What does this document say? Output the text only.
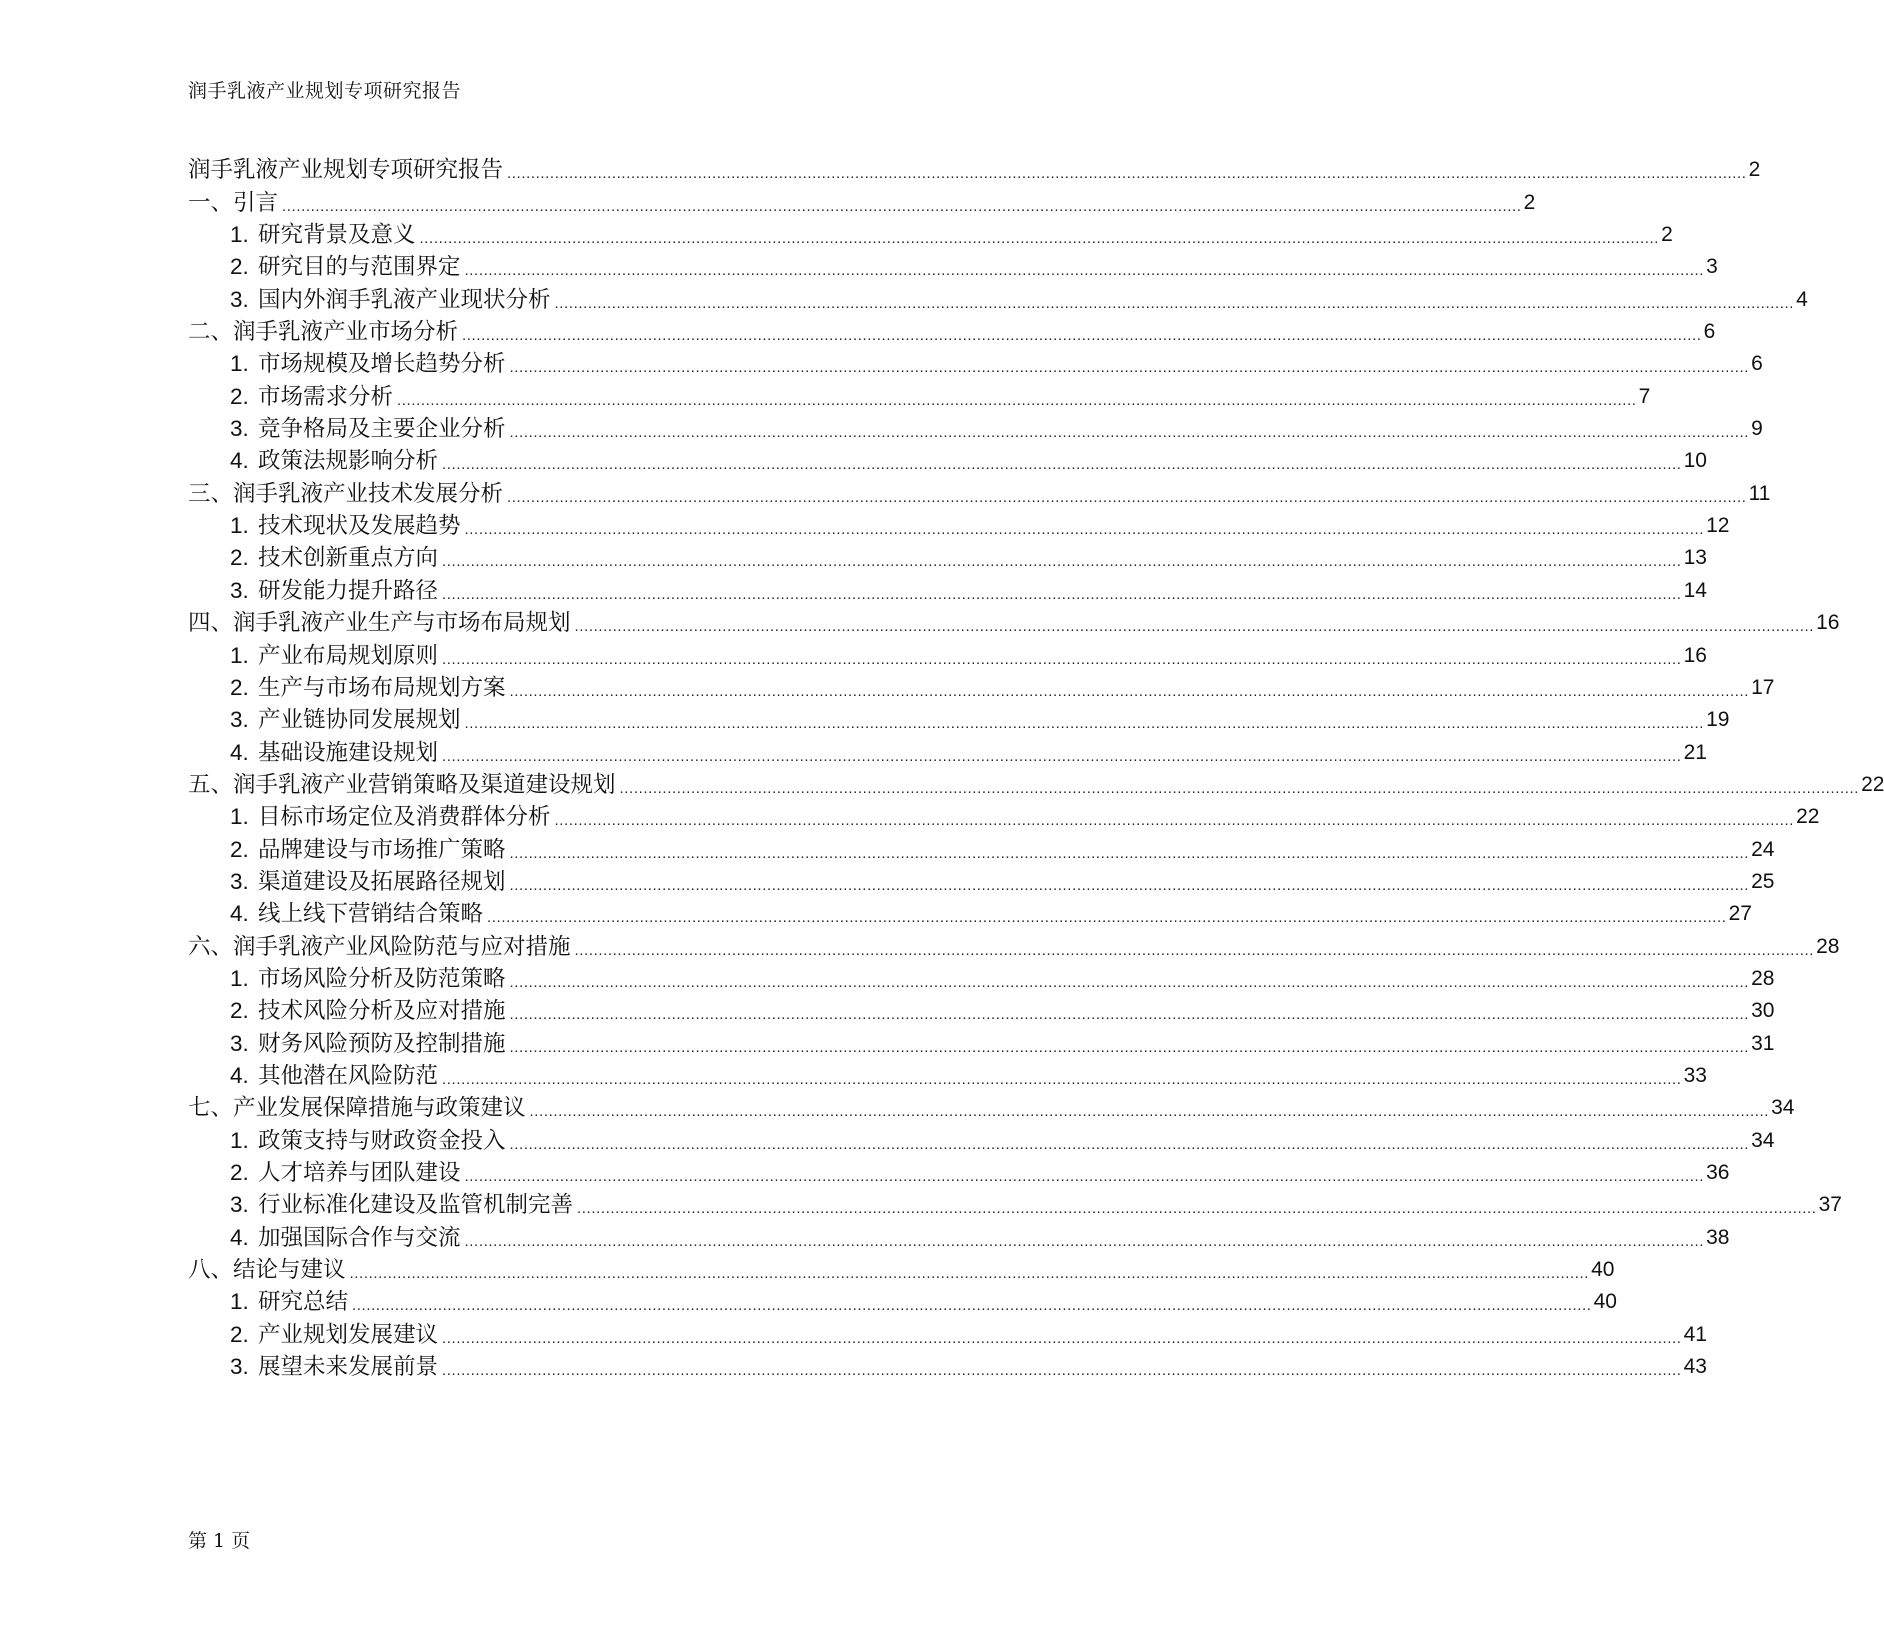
润手乳液产业规划专项研究报告
润手乳液产业规划专项研究报告 .................................................................................................................................................................................................................................................................... 2
一、引言 .................................................................................................................................................................................................................................................................... 2
1. 研究背景及意义 .................................................................................................................................................................................................................................................................... 2
2. 研究目的与范围界定 .................................................................................................................................................................................................................................................................... 3
3. 国内外润手乳液产业现状分析 .................................................................................................................................................................................................................................................................... 4
二、润手乳液产业市场分析 .................................................................................................................................................................................................................................................................... 6
1. 市场规模及增长趋势分析 .................................................................................................................................................................................................................................................................... 6
2. 市场需求分析 .................................................................................................................................................................................................................................................................... 7
3. 竞争格局及主要企业分析 .................................................................................................................................................................................................................................................................... 9
4. 政策法规影响分析 .................................................................................................................................................................................................................................................................... 10
三、润手乳液产业技术发展分析 .................................................................................................................................................................................................................................................................... 11
1. 技术现状及发展趋势 .................................................................................................................................................................................................................................................................... 12
2. 技术创新重点方向 .................................................................................................................................................................................................................................................................... 13
3. 研发能力提升路径 .................................................................................................................................................................................................................................................................... 14
四、润手乳液产业生产与市场布局规划 .................................................................................................................................................................................................................................................................... 16
1. 产业布局规划原则 .................................................................................................................................................................................................................................................................... 16
2. 生产与市场布局规划方案 .................................................................................................................................................................................................................................................................... 17
3. 产业链协同发展规划 .................................................................................................................................................................................................................................................................... 19
4. 基础设施建设规划 .................................................................................................................................................................................................................................................................... 21
五、润手乳液产业营销策略及渠道建设规划 .................................................................................................................................................................................................................................................................... 22
1. 目标市场定位及消费群体分析 .................................................................................................................................................................................................................................................................... 22
2. 品牌建设与市场推广策略 .................................................................................................................................................................................................................................................................... 24
3. 渠道建设及拓展路径规划 .................................................................................................................................................................................................................................................................... 25
4. 线上线下营销结合策略 .................................................................................................................................................................................................................................................................... 27
六、润手乳液产业风险防范与应对措施 .................................................................................................................................................................................................................................................................... 28
1. 市场风险分析及防范策略 .................................................................................................................................................................................................................................................................... 28
2. 技术风险分析及应对措施 .................................................................................................................................................................................................................................................................... 30
3. 财务风险预防及控制措施 .................................................................................................................................................................................................................................................................... 31
4. 其他潜在风险防范 .................................................................................................................................................................................................................................................................... 33
七、产业发展保障措施与政策建议 .................................................................................................................................................................................................................................................................... 34
1. 政策支持与财政资金投入 .................................................................................................................................................................................................................................................................... 34
2. 人才培养与团队建设 .................................................................................................................................................................................................................................................................... 36
3. 行业标准化建设及监管机制完善 .................................................................................................................................................................................................................................................................... 37
4. 加强国际合作与交流 .................................................................................................................................................................................................................................................................... 38
八、结论与建议 .................................................................................................................................................................................................................................................................... 40
1. 研究总结 .................................................................................................................................................................................................................................................................... 40
2. 产业规划发展建议 .................................................................................................................................................................................................................................................................... 41
3. 展望未来发展前景 .................................................................................................................................................................................................................................................................... 43
第 1 页
